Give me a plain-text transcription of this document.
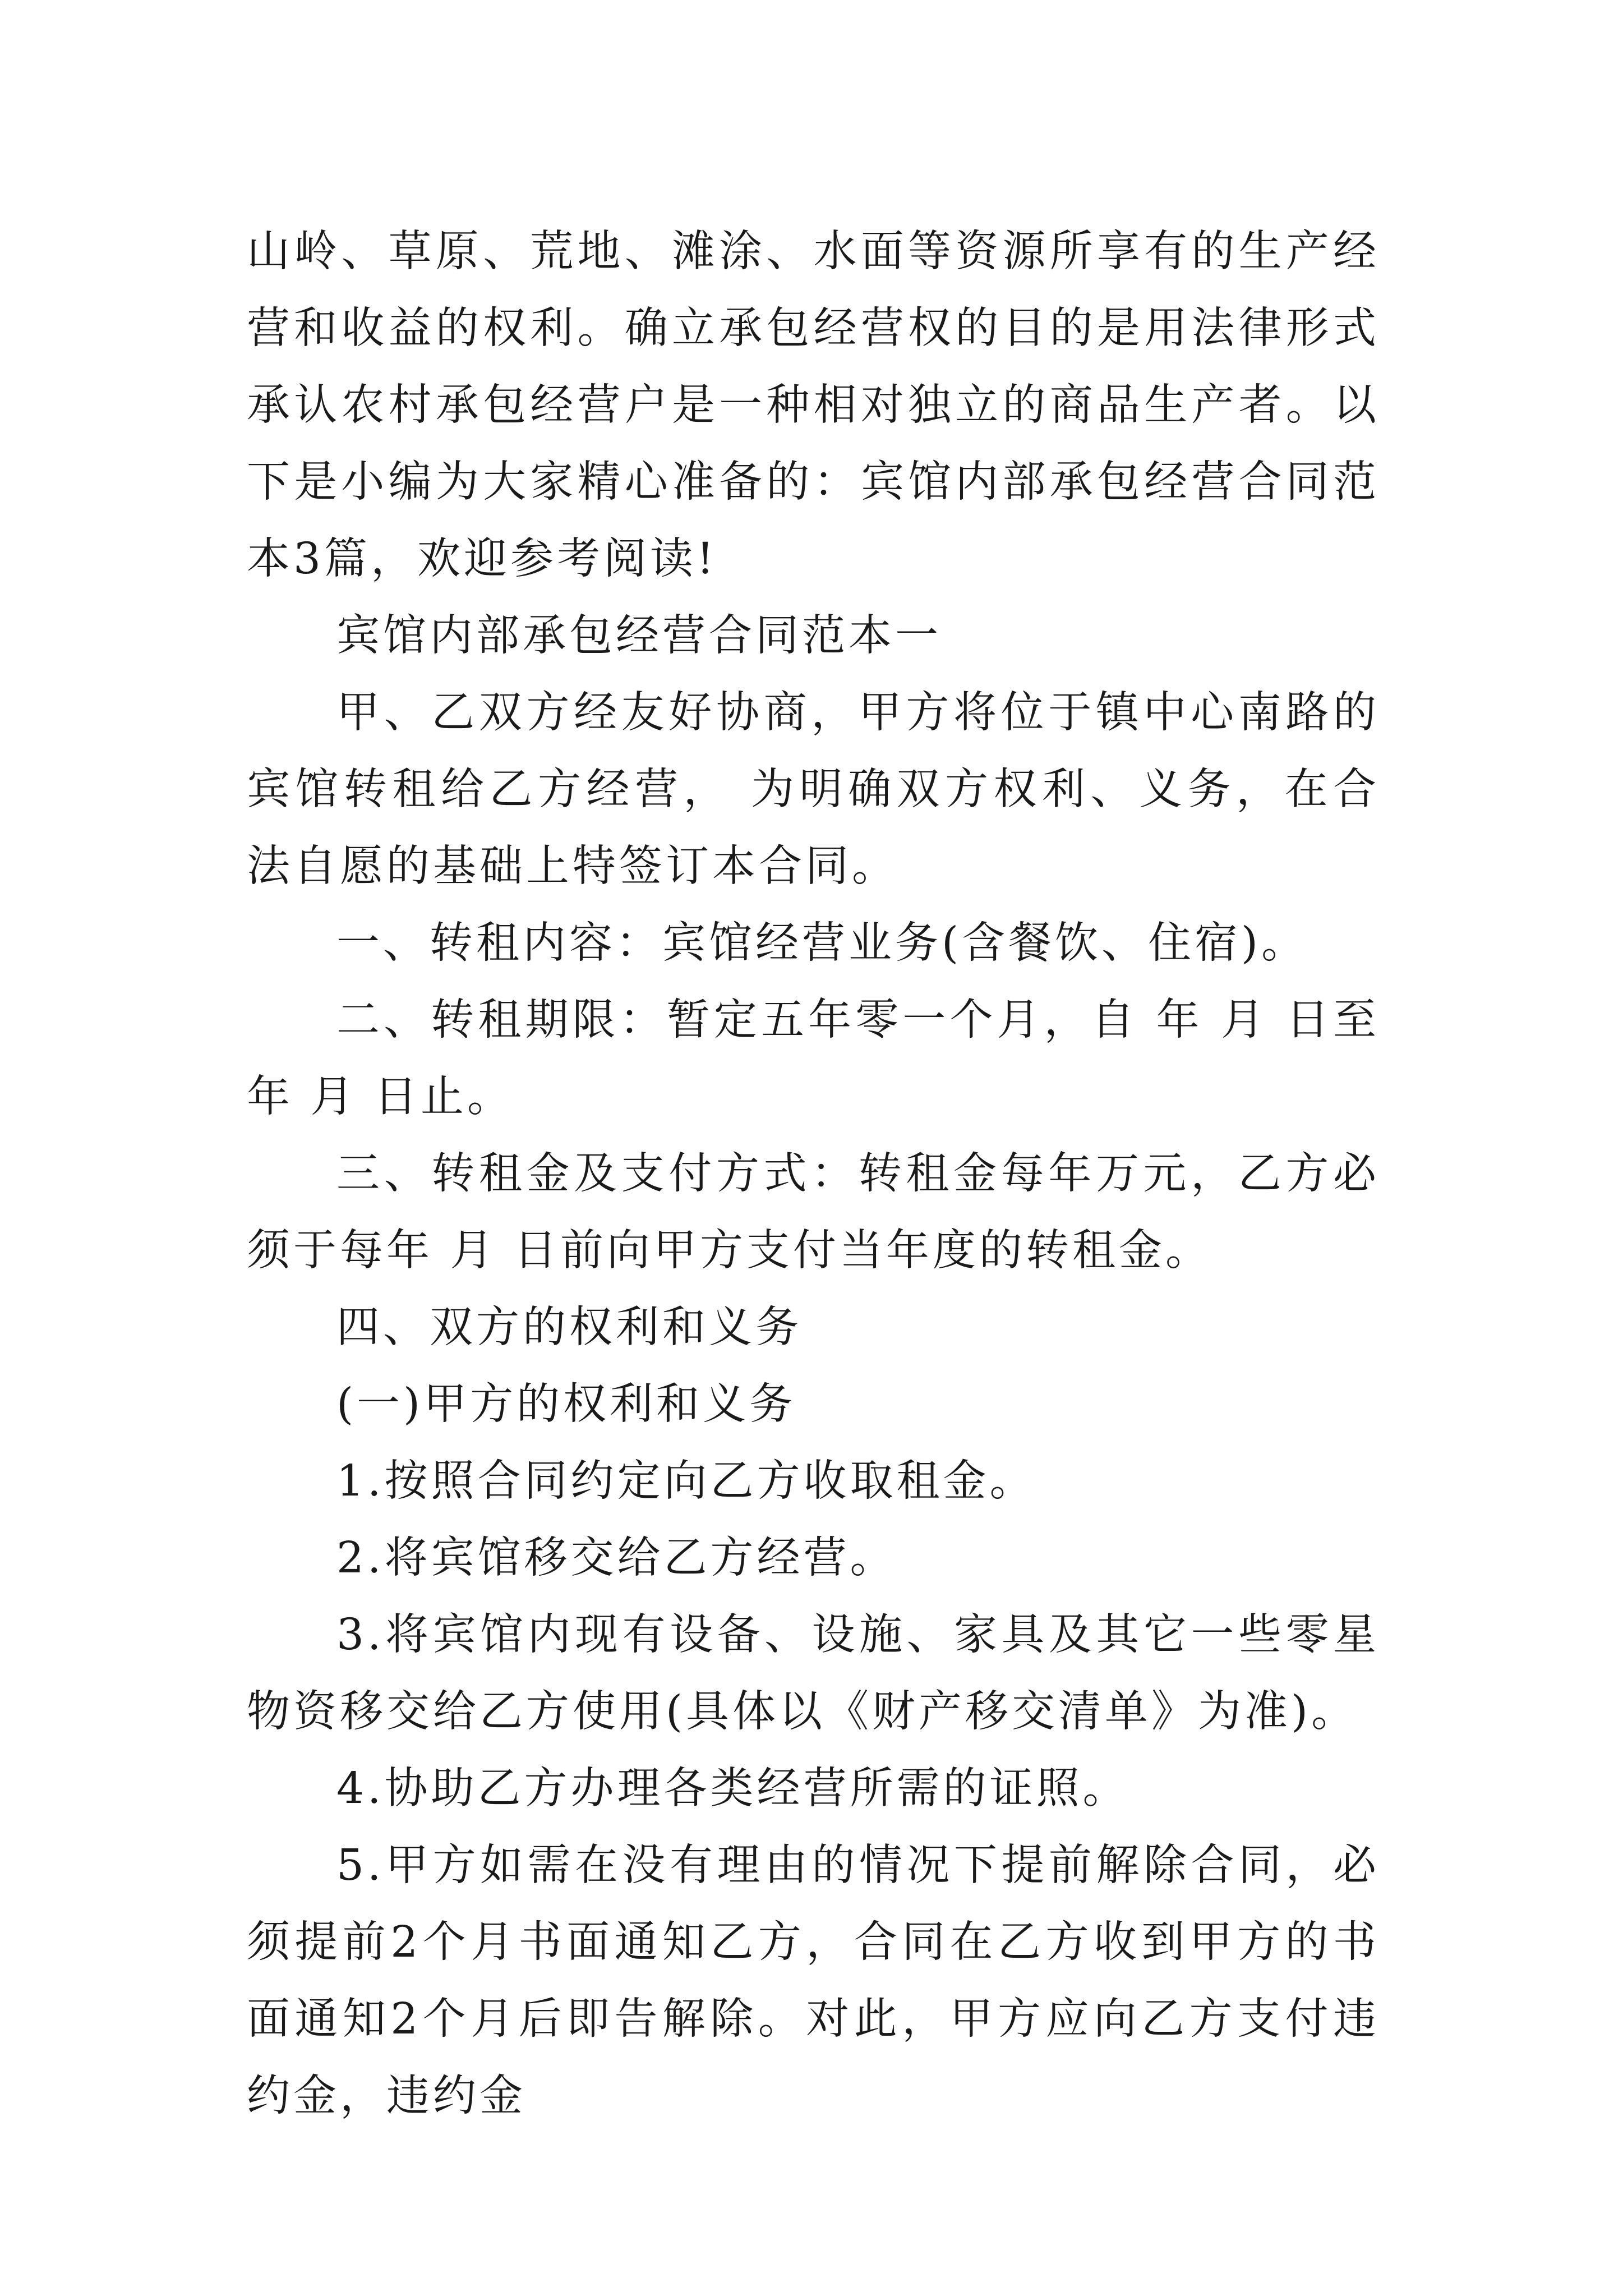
山岭、草原、荒地、滩涂、水面等资源所享有的生产经营和收益的权利。确立承包经营权的目的是用法律形式承认农村承包经营户是一种相对独立的商品生产者。以下是小编为大家精心准备的：宾馆内部承包经营合同范本3篇，欢迎参考阅读!

宾馆内部承包经营合同范本一

甲、乙双方经友好协商，甲方将位于镇中心南路的宾馆转租给乙方经营， 为明确双方权利、义务，在合法自愿的基础上特签订本合同。

一、转租内容：宾馆经营业务(含餐饮、住宿)。

二、转租期限：暂定五年零一个月，自 年 月 日至 年 月 日止。

三、转租金及支付方式：转租金每年万元，乙方必须于每年 月 日前向甲方支付当年度的转租金。

四、双方的权利和义务

(一)甲方的权利和义务

1.按照合同约定向乙方收取租金。

2.将宾馆移交给乙方经营。

3.将宾馆内现有设备、设施、家具及其它一些零星物资移交给乙方使用(具体以《财产移交清单》为准)。

4.协助乙方办理各类经营所需的证照。

5.甲方如需在没有理由的情况下提前解除合同，必须提前2个月书面通知乙方，合同在乙方收到甲方的书面通知2个月后即告解除。对此，甲方应向乙方支付违约金，违约金
